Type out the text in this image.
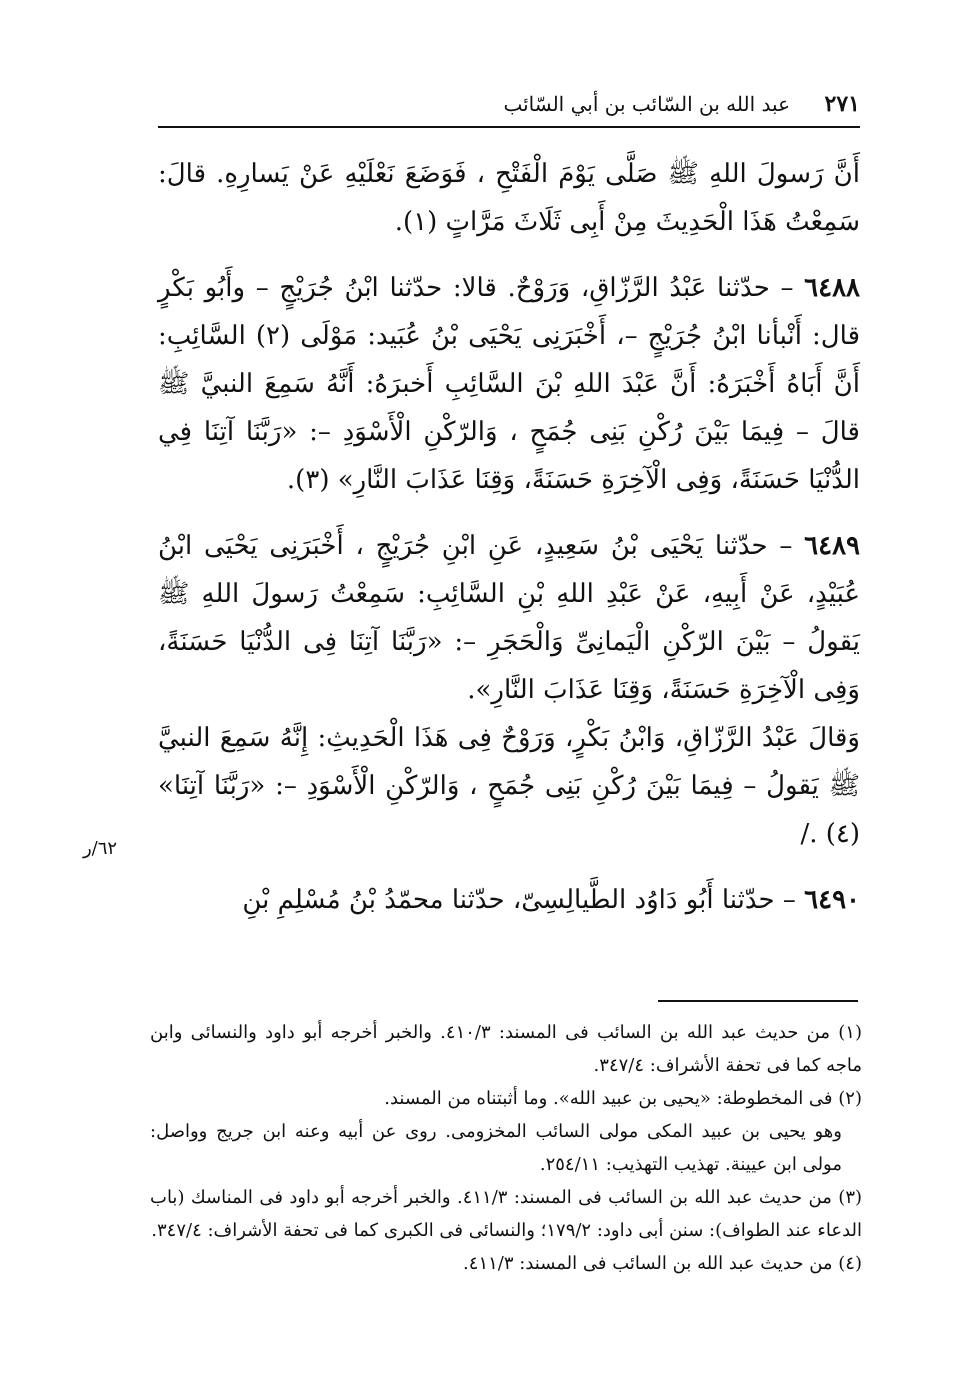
٢٧١
عبد الله بن السّائب بن أبي السّائب

أَنَّ رَسولَ اللهِ ﷺ صَلَّى يَوْمَ الْفَتْحِ ، فَوَضَعَ نَعْلَيْهِ عَنْ يَسارِهِ. قالَ: سَمِعْتُ هَذَا الْحَدِيثَ مِنْ أَبِى ثَلَاثَ مَرَّاتٍ (١).

٦٤٨٨ – حدّثنا عَبْدُ الرَّزّاقِ، وَرَوْحٌ. قالا: حدّثنا ابْنُ جُرَيْجٍ – وأَبُو بَكْرٍ قال: أَنْبأنا ابْنُ جُرَيْجٍ –، أَخْبَرَنِى يَحْيَى بْنُ عُبَيد: مَوْلَى (٢) السَّائِبِ: أَنَّ أَبَاهُ أَخْبَرَهُ: أَنَّ عَبْدَ اللهِ بْنَ السَّائِبِ أَخبرَهُ: أَنَّهُ سَمِعَ النبيَّ ﷺ قالَ – فِيمَا بَيْنَ رُكْنِ بَنِى جُمَحٍ ، وَالرّكْنِ الْأَسْوَدِ –: «رَبَّنَا آتِنَا فِي الدُّنْيَا حَسَنَةً، وَفِى الْآخِرَةِ حَسَنَةً، وَقِنَا عَذَابَ النَّارِ» (٣).

٦٤٨٩ – حدّثنا يَحْيَى بْنُ سَعِيدٍ، عَنِ ابْنِ جُرَيْجٍ ، أَخْبَرَنِى يَحْيَى ابْنُ عُبَيْدٍ، عَنْ أَبِيهِ، عَنْ عَبْدِ اللهِ بْنِ السَّائِبِ: سَمِعْتُ رَسولَ اللهِ ﷺ يَقولُ – بَيْنَ الرّكْنِ الْيَمانِىِّ وَالْحَجَرِ –: «رَبَّنَا آتِنَا فِى الدُّنْيَا حَسَنَةً، وَفِى الْآخِرَةِ حَسَنَةً، وَقِنَا عَذَابَ النَّارِ».

وَقالَ عَبْدُ الرَّزّاقِ، وَابْنُ بَكْرٍ، وَرَوْحٌ فِى هَذَا الْحَدِيثِ: إِنَّهُ سَمِعَ النبيَّ ﷺ يَقولُ – فِيمَا بَيْنَ رُكْنِ بَنِى جُمَحٍ ، وَالرّكْنِ الْأَسْوَدِ –: «رَبَّنَا آتِنَا» (٤) ./

٦٤٩٠ – حدّثنا أَبُو دَاوُد الطَّيالِسِىّ، حدّثنا محمّدُ بْنُ مُسْلِمِ بْنِ

٦٢/ر

(١) من حديث عبد الله بن السائب فى المسند: ٤١٠/٣. والخبر أخرجه أبو داود والنسائى وابن ماجه كما فى تحفة الأشراف: ٣٤٧/٤.

(٢) فى المخطوطة: «يحيى بن عبيد الله». وما أثبتناه من المسند.

وهو يحيى بن عبيد المكى مولى السائب المخزومى. روى عن أبيه وعنه ابن جريج وواصل: مولى ابن عيينة. تهذيب التهذيب: ٢٥٤/١١.

(٣) من حديث عبد الله بن السائب فى المسند: ٤١١/٣. والخبر أخرجه أبو داود فى المناسك (باب الدعاء عند الطواف): سنن أبى داود: ١٧٩/٢؛ والنسائى فى الكبرى كما فى تحفة الأشراف: ٣٤٧/٤.

(٤) من حديث عبد الله بن السائب فى المسند: ٤١١/٣.
